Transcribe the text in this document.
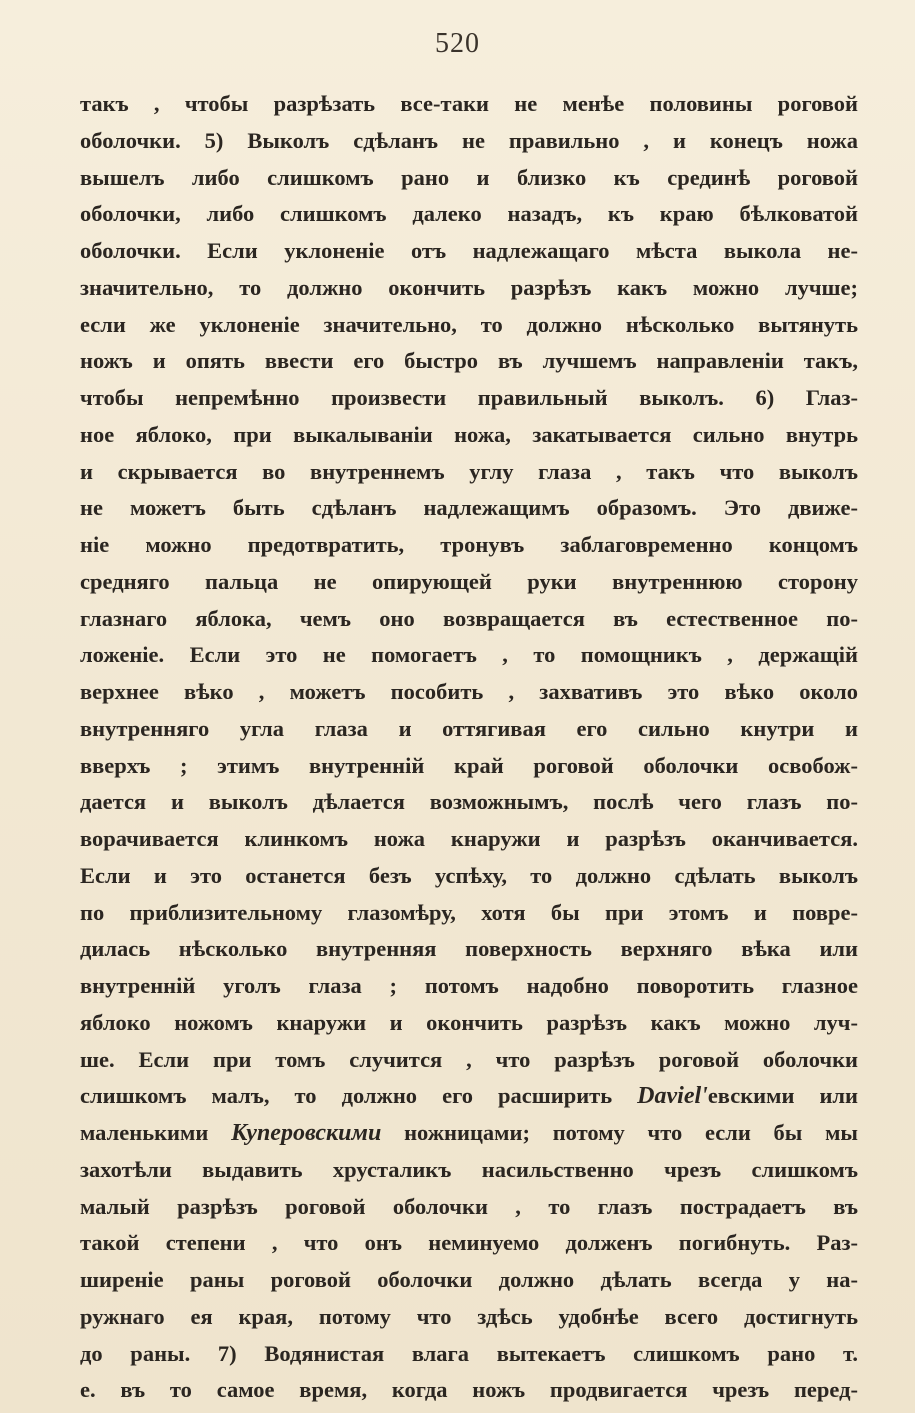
520
такъ , чтобы разрѣзать все-таки не менѣе половины роговой
оболочки. 5) Выколъ сдѣланъ не правильно , и конецъ ножа
вышелъ либо слишкомъ рано и близко къ срединѣ роговой
оболочки, либо слишкомъ далеко назадъ, къ краю бѣлковатой
оболочки. Если уклоненіе отъ надлежащаго мѣста выкола не-
значительно, то должно окончить разрѣзъ какъ можно лучше;
если же уклоненіе значительно, то должно нѣсколько вытянуть
ножъ и опять ввести его быстро въ лучшемъ направленіи такъ,
чтобы непремѣнно произвести правильный выколъ. 6) Глаз-
ное яблоко, при выкалываніи ножа, закатывается сильно внутрь
и скрывается во внутреннемъ углу глаза , такъ что выколъ
не можетъ быть сдѣланъ надлежащимъ образомъ. Это движе-
ніе можно предотвратить, тронувъ заблаговременно концомъ
средняго пальца не опирующей руки внутреннюю сторону
глазнаго яблока, чемъ оно возвращается въ естественное по-
ложеніе. Если это не помогаетъ , то помощникъ , держащій
верхнее вѣко , можетъ пособить , захвативъ это вѣко около
внутренняго угла глаза и оттягивая его сильно кнутри и
вверхъ ; этимъ внутренній край роговой оболочки освобож-
дается и выколъ дѣлается возможнымъ, послѣ чего глазъ по-
ворачивается клинкомъ ножа кнаружи и разрѣзъ оканчивается.
Если и это останется безъ успѣху, то должно сдѣлать выколъ
по приблизительному глазомѣру, хотя бы при этомъ и повре-
дилась нѣсколько внутренняя поверхность верхняго вѣка или
внутренній уголъ глаза ; потомъ надобно поворотить глазное
яблоко ножомъ кнаружи и окончить разрѣзъ какъ можно луч-
ше. Если при томъ случится , что разрѣзъ роговой оболочки
слишкомъ малъ, то должно его расширить Daviel'евскими или
маленькими Куперовскими ножницами; потому что если бы мы
захотѣли выдавить хрусталикъ насильственно чрезъ слишкомъ
малый разрѣзъ роговой оболочки , то глазъ пострадаетъ въ
такой степени , что онъ неминуемо долженъ погибнуть. Раз-
ширеніе раны роговой оболочки должно дѣлать всегда у на-
ружнаго ея края, потому что здѣсь удобнѣе всего достигнуть
до раны. 7) Водянистая влага вытекаетъ слишкомъ рано т.
е. въ то самое время, когда ножъ продвигается чрезъ перед-
